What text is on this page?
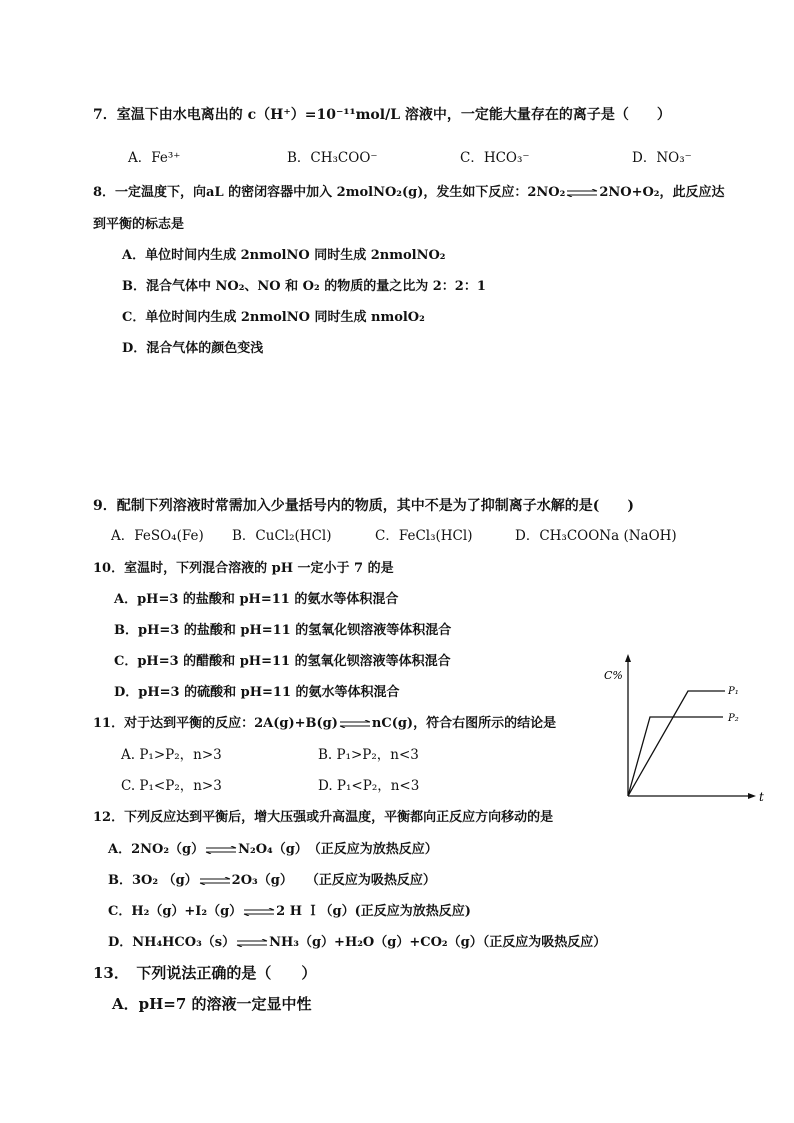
7．室温下由水电离出的 c（H⁺）=10⁻¹¹mol/L 溶液中，一定能大量存在的离子是（　　）
A．Fe³⁺	B．CH₃COO⁻	C．HCO₃⁻	D．NO₃⁻
8．一定温度下，向aL 的密闭容器中加入 2molNO₂(g)，发生如下反应：2NO₂⇌2NO+O₂，此反应达
到平衡的标志是
A．单位时间内生成 2nmolNO 同时生成 2nmolNO₂
B．混合气体中 NO₂、NO 和 O₂ 的物质的量之比为 2：2：1
C．单位时间内生成 2nmolNO 同时生成 nmolO₂
D．混合气体的颜色变浅
9．配制下列溶液时常需加入少量括号内的物质，其中不是为了抑制离子水解的是(　　)
A．FeSO₄(Fe) B．CuCl₂(HCl)	C．FeCl₃(HCl)	D．CH₃COONa (NaOH)
10．室温时，下列混合溶液的 pH 一定小于 7 的是
A．pH=3 的盐酸和 pH=11 的氨水等体积混合
B．pH=3 的盐酸和 pH=11 的氢氧化钡溶液等体积混合
C．pH=3 的醋酸和 pH=11 的氢氧化钡溶液等体积混合
D．pH=3 的硫酸和 pH=11 的氨水等体积混合
11．对于达到平衡的反应：2A(g)+B(g)⇌nC(g)，符合右图所示的结论是
A. P₁>P₂，n>3	B. P₁>P₂，n<3
C. P₁<P₂，n>3	D. P₁<P₂，n<3
C%
t
P₁
P₂
12．下列反应达到平衡后，增大压强或升高温度，平衡都向正反应方向移动的是
A．2NO₂（g）⇌N₂O₄（g）　（正反应为放热反应）
B．3O₂ （g）⇌2O₃（g）　　（正反应为吸热反应）
C．H₂（g）+I₂（g）⇌2 H Ｉ（g）(正反应为放热反应)
D．NH₄HCO₃（s）⇌NH₃（g）+H₂O（g）+CO₂（g）（正反应为吸热反应）
13．　下列说法正确的是（　　）
A．pH=7 的溶液一定显中性
